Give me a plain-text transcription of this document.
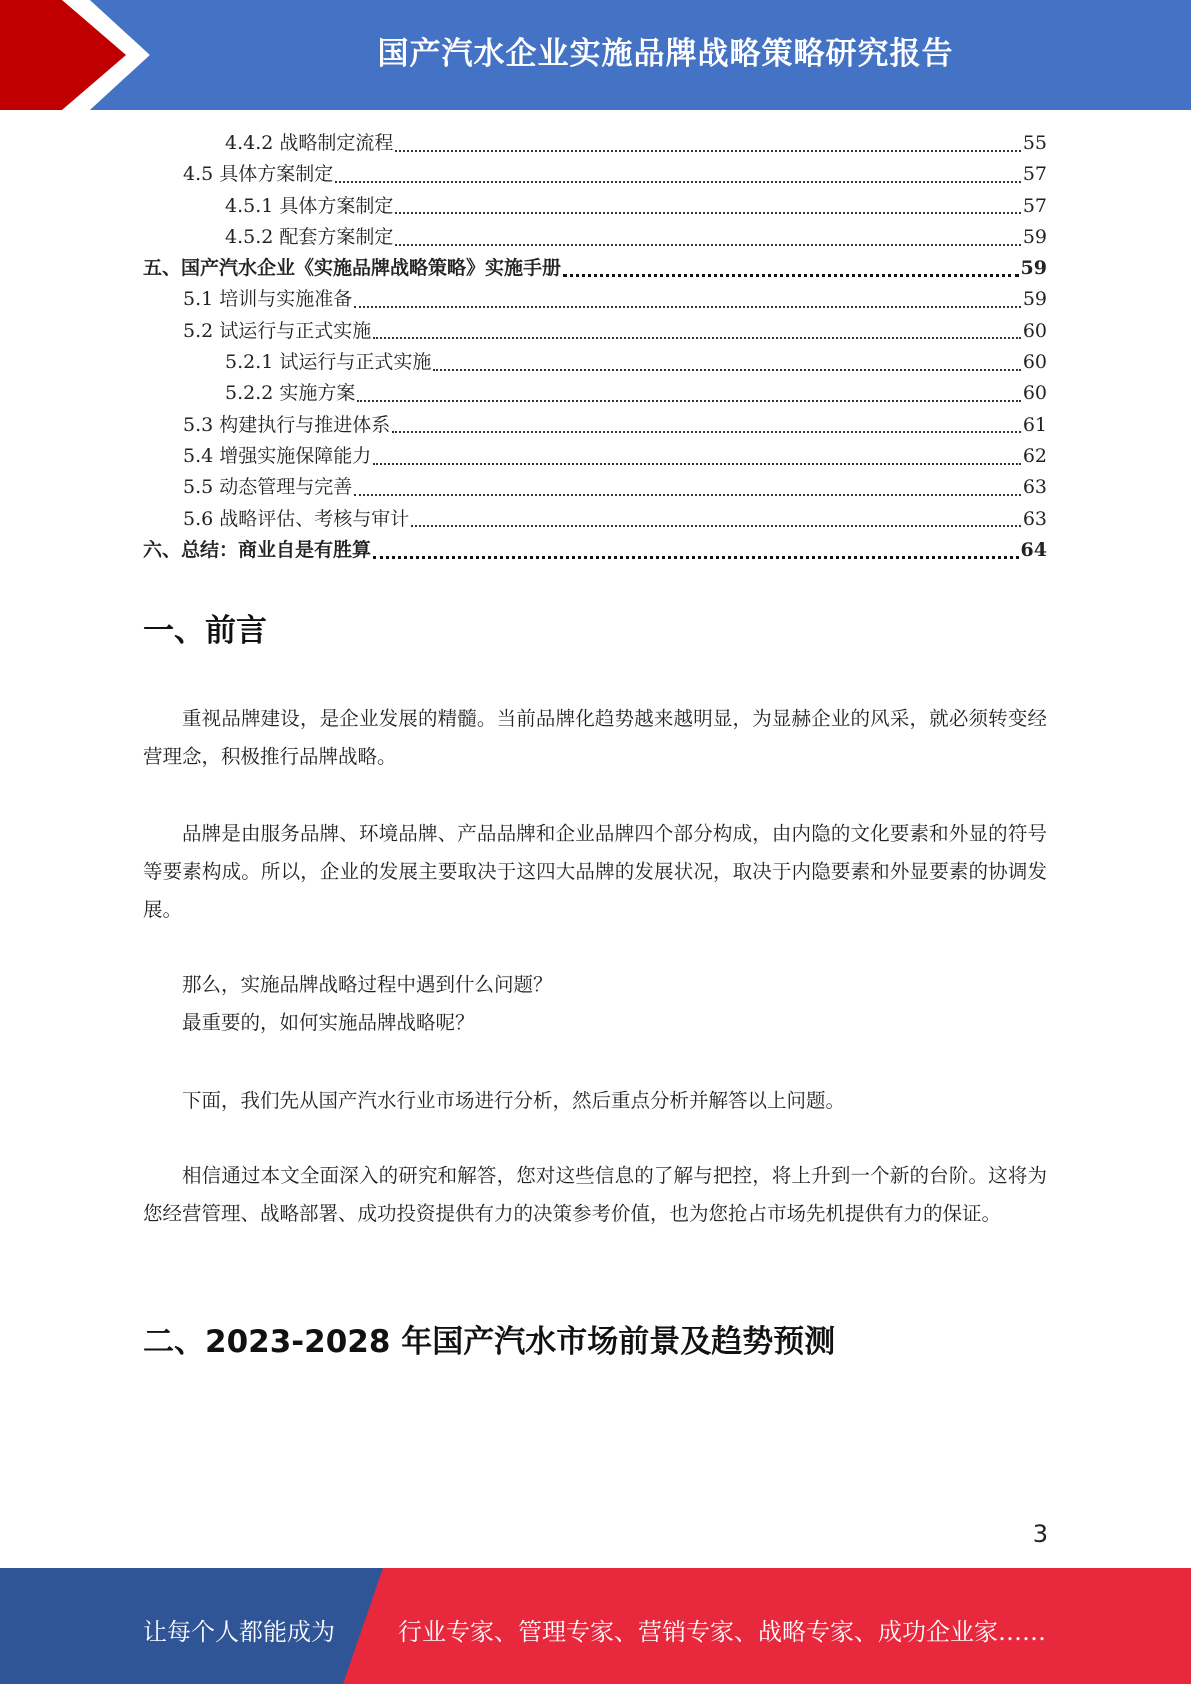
国产汽水企业实施品牌战略策略研究报告
4.4.2 战略制定流程	55
4.5 具体方案制定	57
4.5.1 具体方案制定	57
4.5.2 配套方案制定	59
五、国产汽水企业《实施品牌战略策略》实施手册	59
5.1 培训与实施准备	59
5.2 试运行与正式实施	60
5.2.1 试运行与正式实施	60
5.2.2 实施方案	60
5.3 构建执行与推进体系	61
5.4 增强实施保障能力	62
5.5 动态管理与完善	63
5.6 战略评估、考核与审计	63
六、总结：商业自是有胜算	64
一、前言
重视品牌建设，是企业发展的精髓。当前品牌化趋势越来越明显，为显赫企业的风采，就必须转变经营理念，积极推行品牌战略。
品牌是由服务品牌、环境品牌、产品品牌和企业品牌四个部分构成，由内隐的文化要素和外显的符号等要素构成。所以，企业的发展主要取决于这四大品牌的发展状况，取决于内隐要素和外显要素的协调发展。
那么，实施品牌战略过程中遇到什么问题？
最重要的，如何实施品牌战略呢？
下面，我们先从国产汽水行业市场进行分析，然后重点分析并解答以上问题。
相信通过本文全面深入的研究和解答，您对这些信息的了解与把控，将上升到一个新的台阶。这将为您经营管理、战略部署、成功投资提供有力的决策参考价值，也为您抢占市场先机提供有力的保证。
二、2023-2028 年国产汽水市场前景及趋势预测
3
让每个人都能成为	行业专家、管理专家、营销专家、战略专家、成功企业家……
